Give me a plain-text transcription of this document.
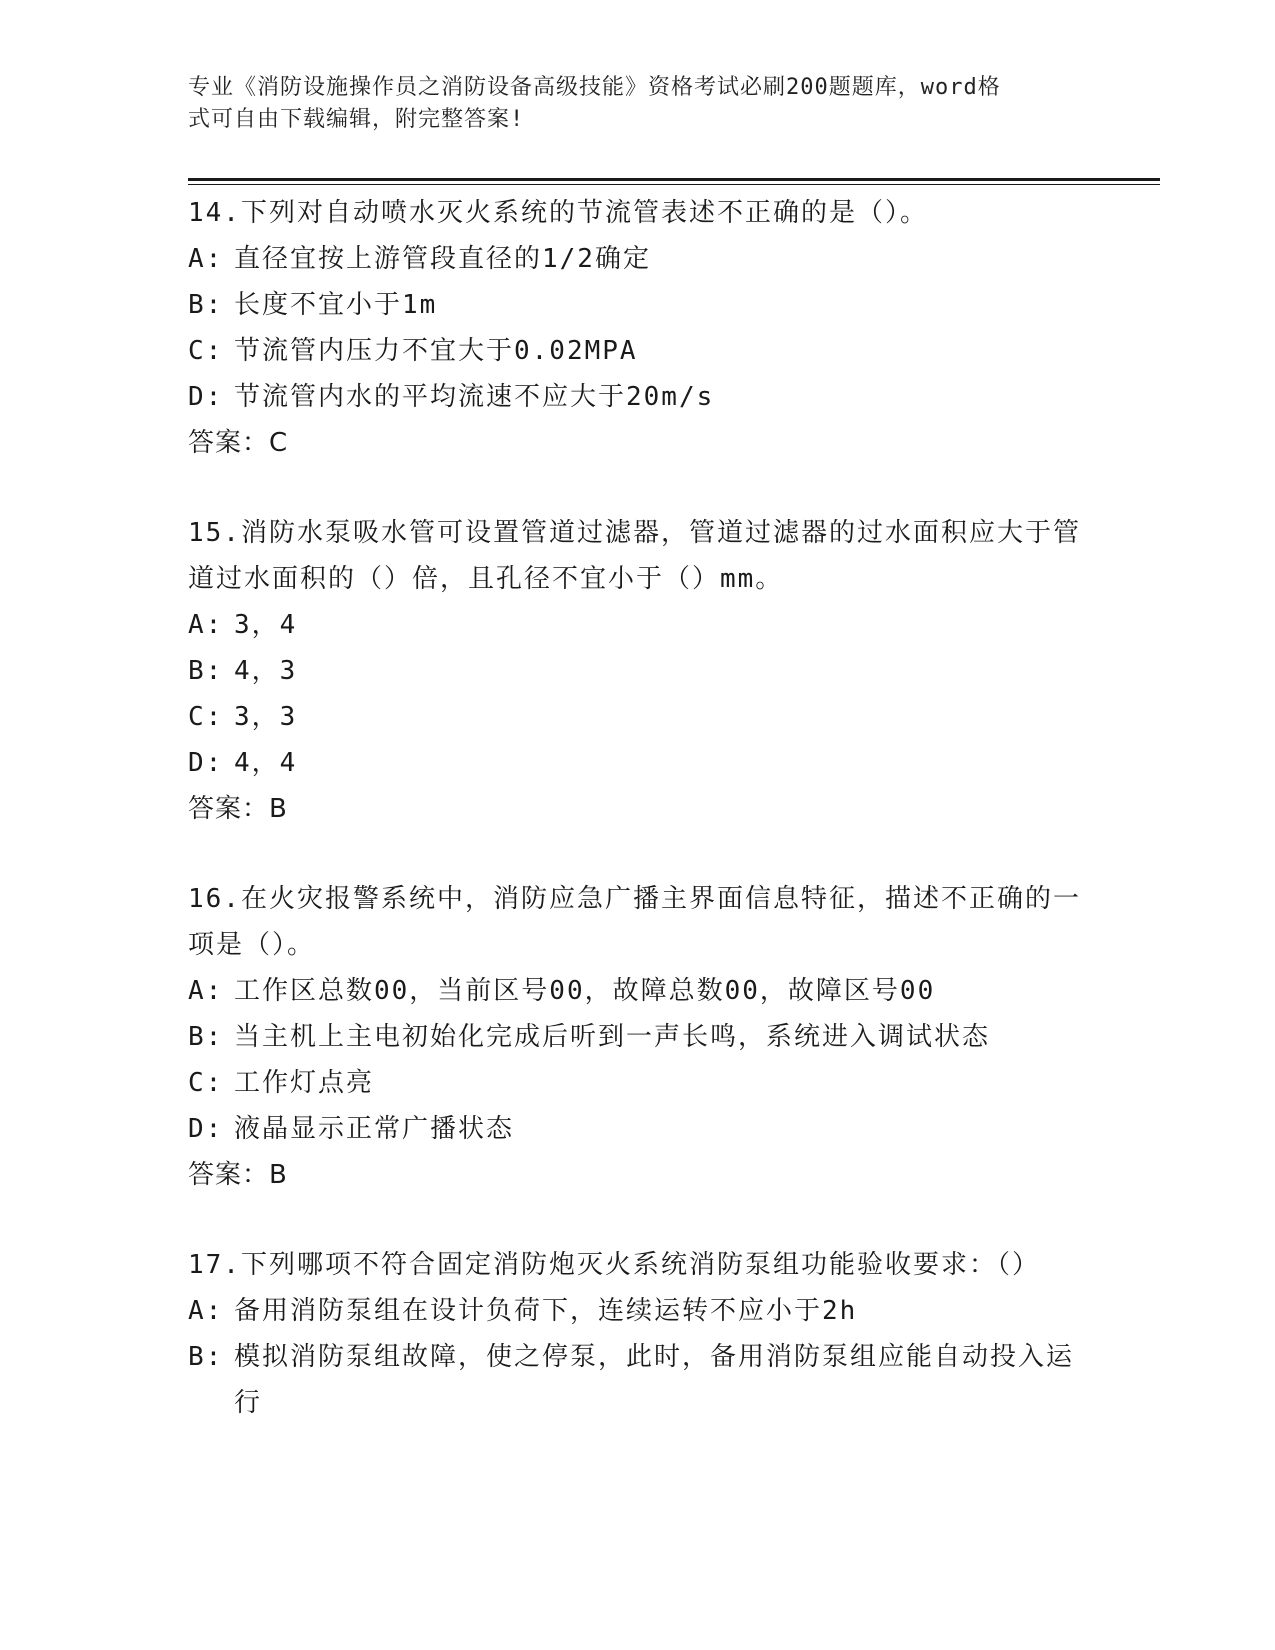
专业《消防设施操作员之消防设备高级技能》资格考试必刷200题题库，word格
式可自由下载编辑，附完整答案!

14.下列对自动喷水灭火系统的节流管表述不正确的是（）。

A: 直径宜按上游管段直径的1/2确定
B: 长度不宜小于1m
C: 节流管内压力不宜大于0.02MPA
D: 节流管内水的平均流速不应大于20m/s

答案：C

15.消防水泵吸水管可设置管道过滤器，管道过滤器的过水面积应大于管道过水面积的（）倍，且孔径不宜小于（）mm。

A: 3，4
B: 4，3
C: 3，3
D: 4，4

答案：B

16.在火灾报警系统中，消防应急广播主界面信息特征，描述不正确的一项是（）。

A: 工作区总数00，当前区号00，故障总数00，故障区号00
B: 当主机上主电初始化完成后听到一声长鸣，系统进入调试状态
C: 工作灯点亮
D: 液晶显示正常广播状态

答案：B

17.下列哪项不符合固定消防炮灭火系统消防泵组功能验收要求：（）

A: 备用消防泵组在设计负荷下，连续运转不应小于2h
B: 模拟消防泵组故障，使之停泵，此时，备用消防泵组应能自动投入运行
